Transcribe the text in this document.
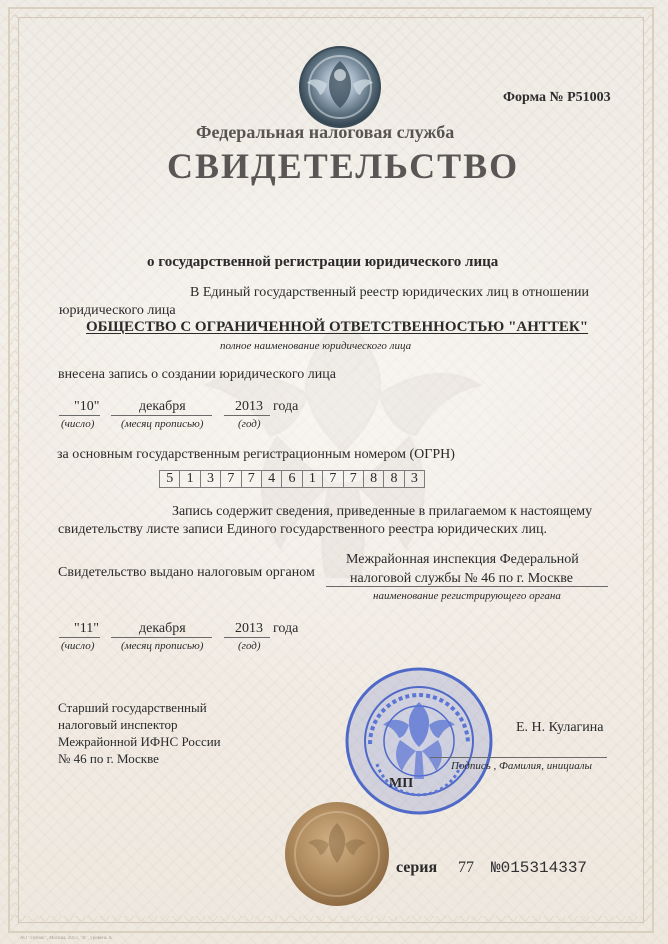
Форма № Р51003
Федеральная налоговая служба
СВИДЕТЕЛЬСТВО
о государственной регистрации юридического лица
В Единый государственный реестр юридических лиц в отношении
юридического лица
ОБЩЕСТВО С ОГРАНИЧЕННОЙ ОТВЕТСТВЕННОСТЬЮ "АНТТЕК"
полное наименование юридического лица
внесена запись о создании юридического лица
"10"	декабря	2013 года
(число) (месяц прописью)	(год)
за основным государственным регистрационным номером (ОГРН)
5 1 3 7 7 4 6 1 7 7 8 8 3
Запись содержит сведения, приведенные в прилагаемом к настоящему
свидетельству листе записи Единого государственного реестра юридических лиц.
Свидетельство выдано налоговым органом
Межрайонная инспекция Федеральной
налоговой службы № 46 по г. Москве
наименование регистрирующего органа
"11"	декабря	2013 года
(число) (месяц прописью)	(год)
Старший государственный
налоговый инспектор
Межрайонной ИФНС России
№ 46 по г. Москве
Е. Н. Кулагина
Подпись , Фамилия, инициалы
МП
серия 77 №015314337
АО "Гознак", Москва, 2013, "В", уровень А
